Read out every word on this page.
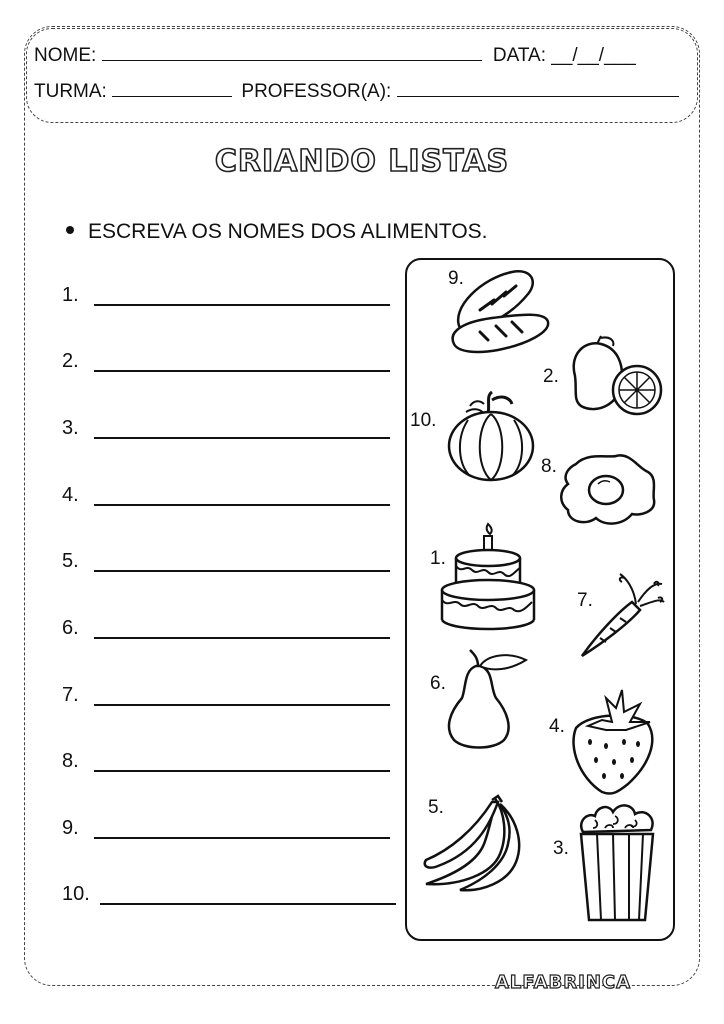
NOME:	DATA: __/__/___
TURMA:	PROFESSOR(A):
CRIANDO LISTAS
ESCREVA OS NOMES DOS ALIMENTOS.
1.
2.
3.
4.
5.
6.
7.
8.
9.
10.
9.
2.
10.
8.
1.
7.
6.
4.
5.
3.
ALFABRINCA
